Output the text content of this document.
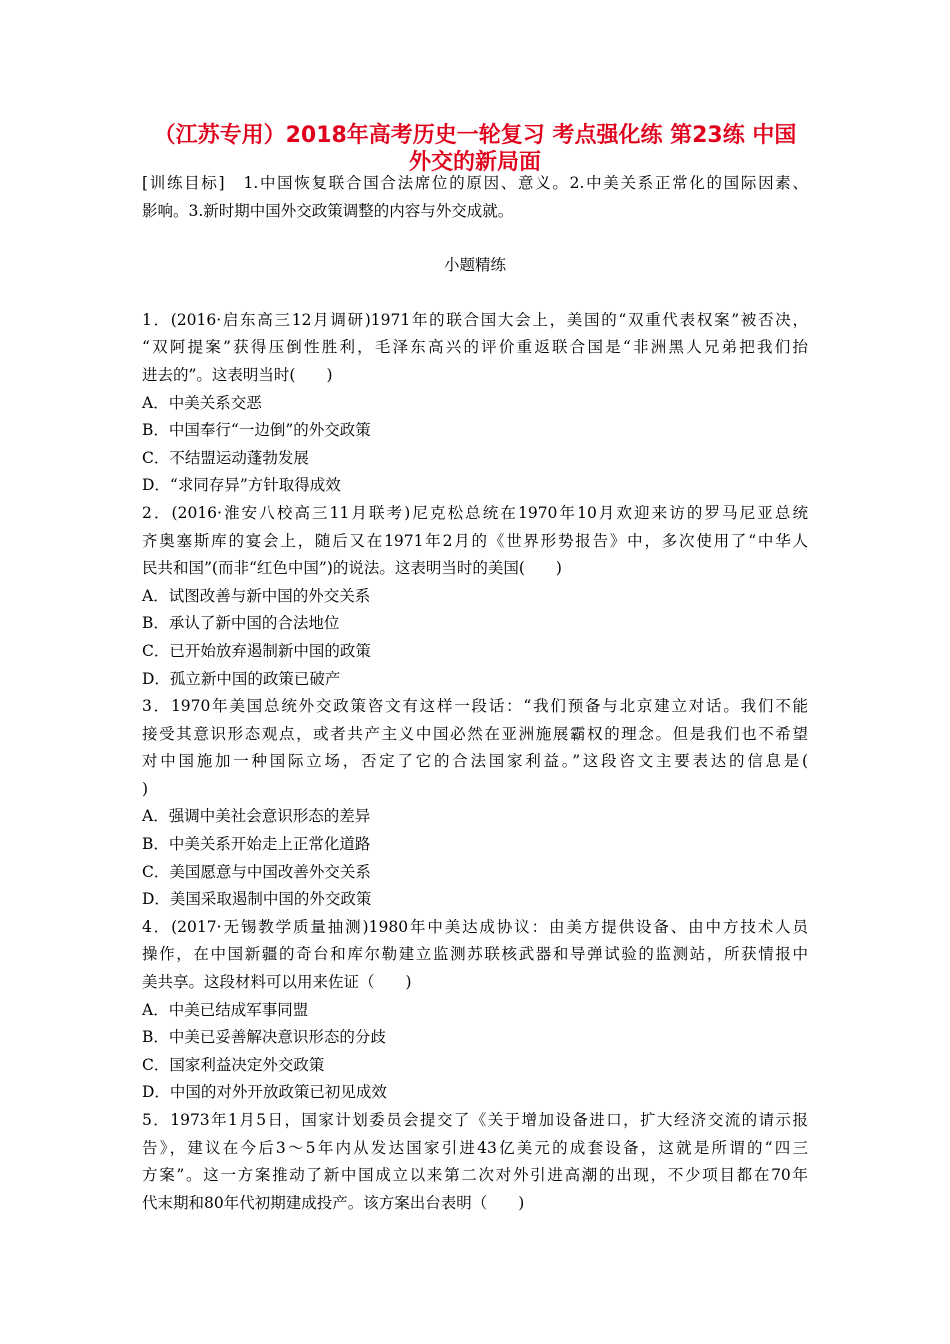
（江苏专用）2018年高考历史一轮复习 考点强化练 第23练 中国
外交的新局面
[训练目标]　1.中国恢复联合国合法席位的原因、意义。2.中美关系正常化的国际因素、
影响。3.新时期中国外交政策调整的内容与外交成就。
小题精练
1．(2016·启东高三12月调研)1971年的联合国大会上，美国的“双重代表权案”被否决，
“双阿提案”获得压倒性胜利，毛泽东高兴的评价重返联合国是“非洲黑人兄弟把我们抬
进去的”。这表明当时(　　)
A．中美关系交恶
B．中国奉行“一边倒”的外交政策
C．不结盟运动蓬勃发展
D．“求同存异”方针取得成效
2．(2016·淮安八校高三11月联考)尼克松总统在1970年10月欢迎来访的罗马尼亚总统
齐奥塞斯库的宴会上，随后又在1971年2月的《世界形势报告》中，多次使用了“中华人
民共和国”(而非“红色中国”)的说法。这表明当时的美国(　　)
A．试图改善与新中国的外交关系
B．承认了新中国的合法地位
C．已开始放弃遏制新中国的政策
D．孤立新中国的政策已破产
3．1970年美国总统外交政策咨文有这样一段话：“我们预备与北京建立对话。我们不能
接受其意识形态观点，或者共产主义中国必然在亚洲施展霸权的理念。但是我们也不希望
对中国施加一种国际立场，否定了它的合法国家利益。”这段咨文主要表达的信息是(
)
A．强调中美社会意识形态的差异
B．中美关系开始走上正常化道路
C．美国愿意与中国改善外交关系
D．美国采取遏制中国的外交政策
4．(2017·无锡教学质量抽测)1980年中美达成协议：由美方提供设备、由中方技术人员
操作，在中国新疆的奇台和库尔勒建立监测苏联核武器和导弹试验的监测站，所获情报中
美共享。这段材料可以用来佐证（　　)
A．中美已结成军事同盟
B．中美已妥善解决意识形态的分歧
C．国家利益决定外交政策
D．中国的对外开放政策已初见成效
5．1973年1月5日，国家计划委员会提交了《关于增加设备进口，扩大经济交流的请示报
告》，建议在今后3～5年内从发达国家引进43亿美元的成套设备，这就是所谓的“四三
方案”。这一方案推动了新中国成立以来第二次对外引进高潮的出现，不少项目都在70年
代末期和80年代初期建成投产。该方案出台表明（　　)
